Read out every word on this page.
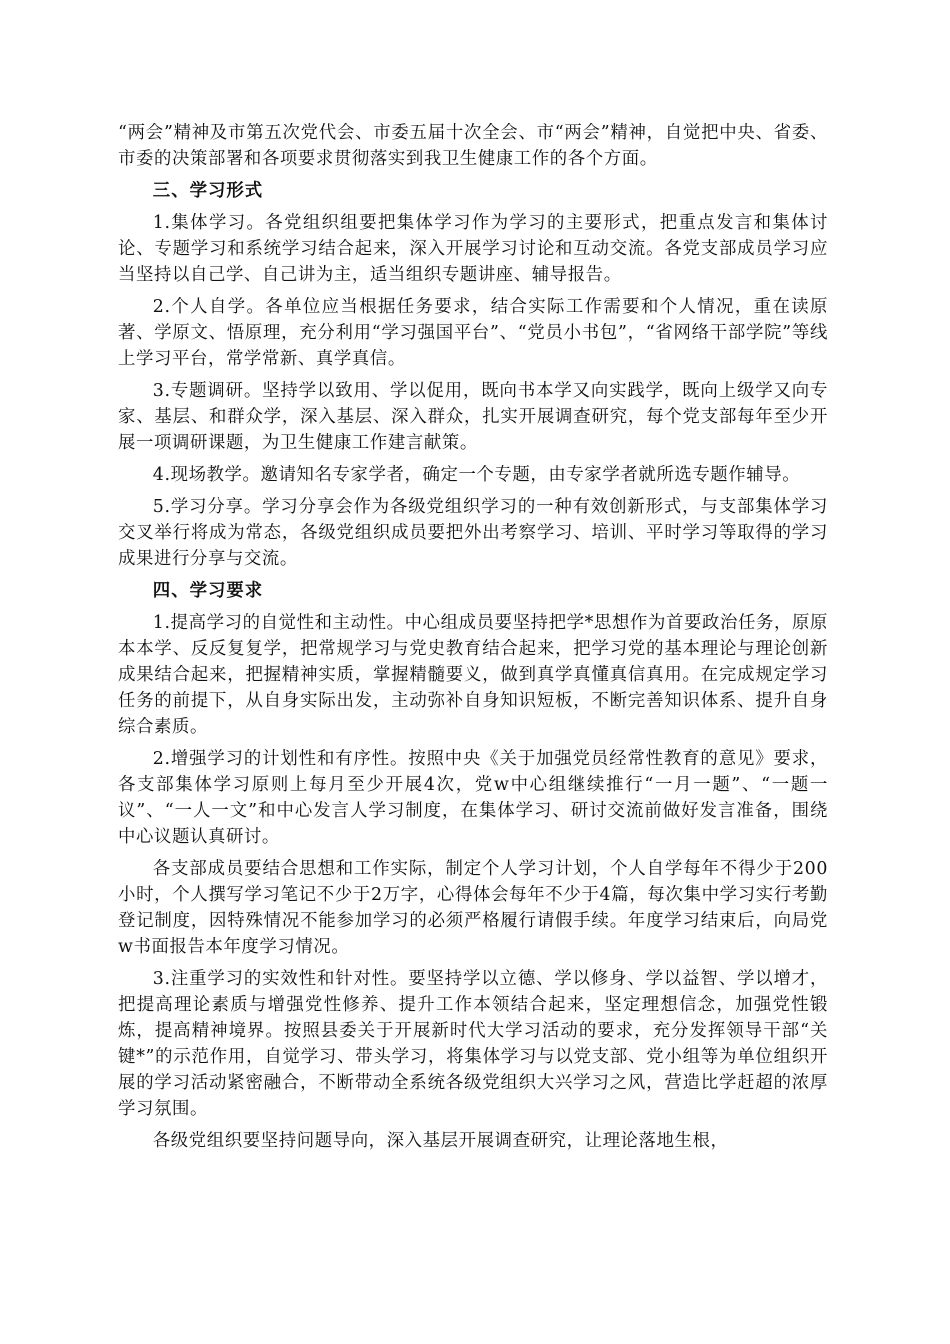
“两会”精神及市第五次党代会、市委五届十次全会、市“两会”精神，自觉把中央、省委、市委的决策部署和各项要求贯彻落实到我卫生健康工作的各个方面。

三、学习形式

1.集体学习。各党组织组要把集体学习作为学习的主要形式，把重点发言和集体讨论、专题学习和系统学习结合起来，深入开展学习讨论和互动交流。各党支部成员学习应当坚持以自己学、自己讲为主，适当组织专题讲座、辅导报告。

2.个人自学。各单位应当根据任务要求，结合实际工作需要和个人情况，重在读原著、学原文、悟原理，充分利用“学习强国平台”、“党员小书包”，“省网络干部学院”等线上学习平台，常学常新、真学真信。

3.专题调研。坚持学以致用、学以促用，既向书本学又向实践学，既向上级学又向专家、基层、和群众学，深入基层、深入群众，扎实开展调查研究，每个党支部每年至少开展一项调研课题，为卫生健康工作建言献策。

4.现场教学。邀请知名专家学者，确定一个专题，由专家学者就所选专题作辅导。

5.学习分享。学习分享会作为各级党组织学习的一种有效创新形式，与支部集体学习交叉举行将成为常态，各级党组织成员要把外出考察学习、培训、平时学习等取得的学习成果进行分享与交流。

四、学习要求

1.提高学习的自觉性和主动性。中心组成员要坚持把学*思想作为首要政治任务，原原本本学、反反复复学，把常规学习与党史教育结合起来，把学习党的基本理论与理论创新成果结合起来，把握精神实质，掌握精髓要义，做到真学真懂真信真用。在完成规定学习任务的前提下，从自身实际出发，主动弥补自身知识短板，不断完善知识体系、提升自身综合素质。

2.增强学习的计划性和有序性。按照中央《关于加强党员经常性教育的意见》要求，各支部集体学习原则上每月至少开展4次，党w中心组继续推行“一月一题”、“一题一议”、“一人一文”和中心发言人学习制度，在集体学习、研讨交流前做好发言准备，围绕中心议题认真研讨。

各支部成员要结合思想和工作实际，制定个人学习计划，个人自学每年不得少于200小时，个人撰写学习笔记不少于2万字，心得体会每年不少于4篇，每次集中学习实行考勤登记制度，因特殊情况不能参加学习的必须严格履行请假手续。年度学习结束后，向局党w书面报告本年度学习情况。

3.注重学习的实效性和针对性。要坚持学以立德、学以修身、学以益智、学以增才，把提高理论素质与增强党性修养、提升工作本领结合起来，坚定理想信念，加强党性锻炼，提高精神境界。按照县委关于开展新时代大学习活动的要求，充分发挥领导干部“关键*”的示范作用，自觉学习、带头学习，将集体学习与以党支部、党小组等为单位组织开展的学习活动紧密融合，不断带动全系统各级党组织大兴学习之风，营造比学赶超的浓厚学习氛围。

各级党组织要坚持问题导向，深入基层开展调查研究，让理论落地生根，
